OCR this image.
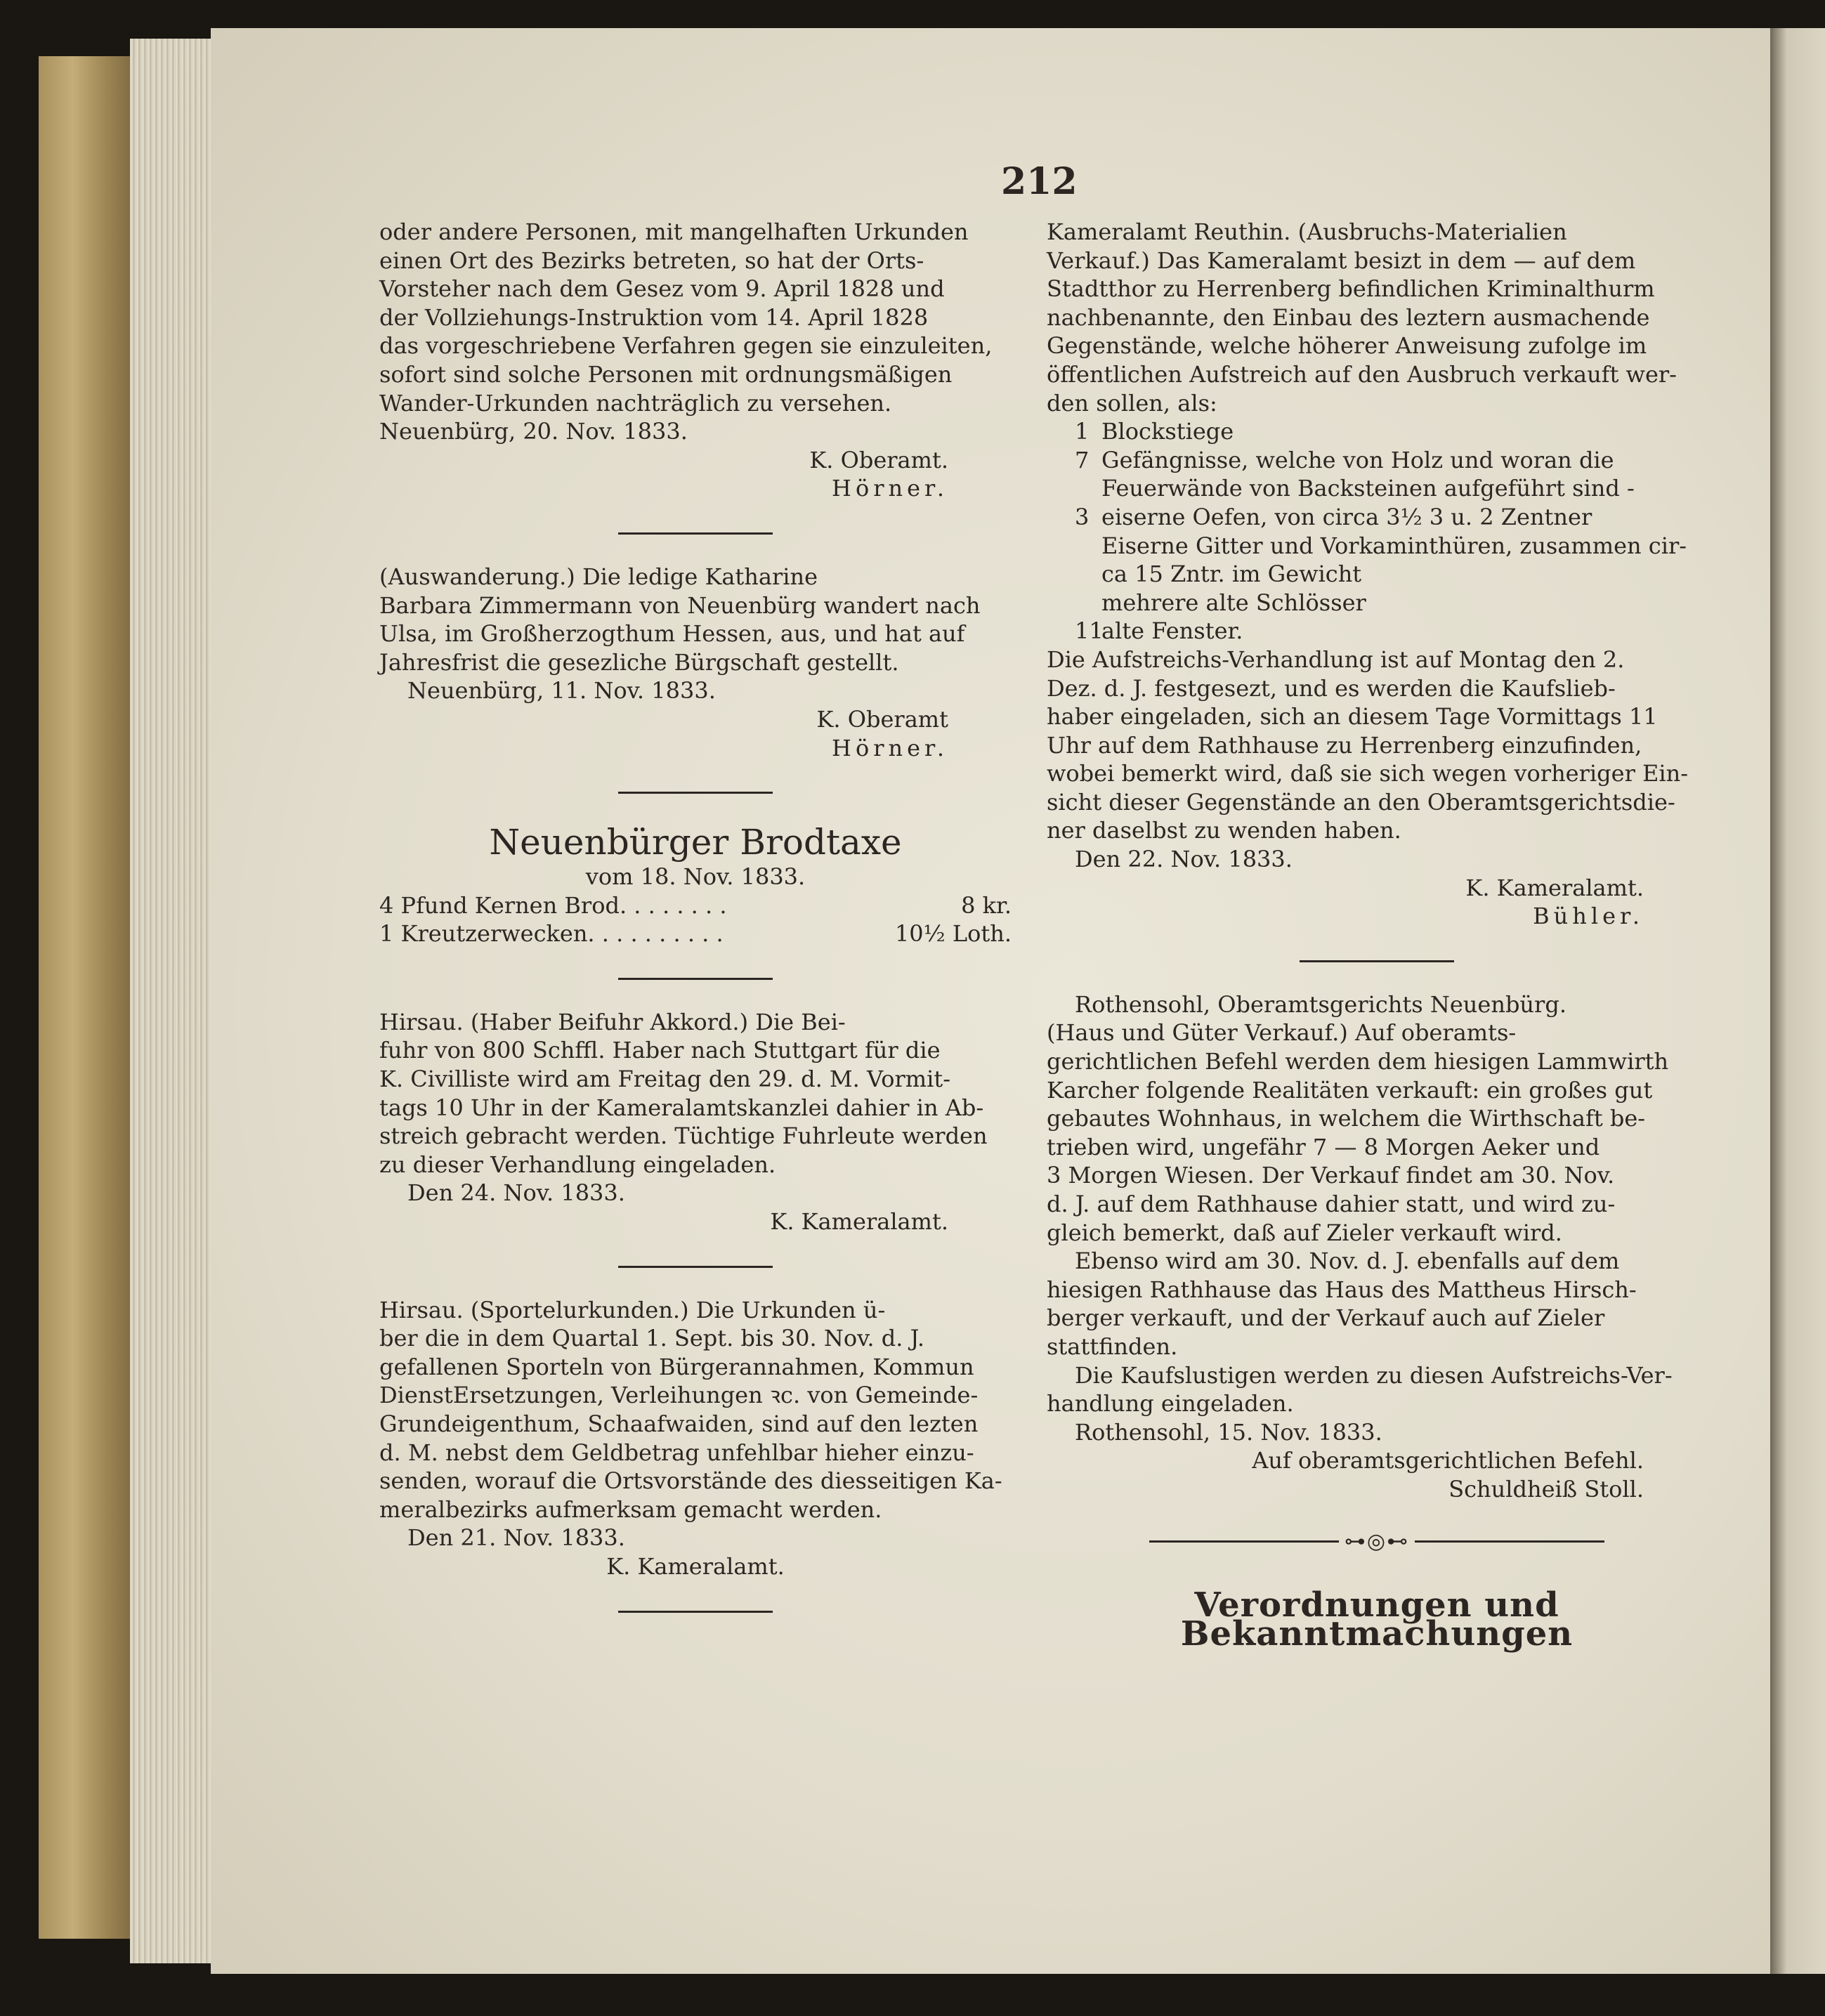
212

oder andere Personen, mit mangelhaften Urkunden
einen Ort des Bezirks betreten, so hat der Orts-
Vorsteher nach dem Gesez vom 9. April 1828 und
der Vollziehungs-Instruktion vom 14. April 1828
das vorgeschriebene Verfahren gegen sie einzuleiten,
sofort sind solche Personen mit ordnungsmäßigen
Wander-Urkunden nachträglich zu versehen.
Neuenbürg, 20. Nov. 1833.
K. Oberamt.
Hörner.

(Auswanderung.) Die ledige Katharine
Barbara Zimmermann von Neuenbürg wandert nach
Ulsa, im Großherzogthum Hessen, aus, und hat auf
Jahresfrist die gesezliche Bürgschaft gestellt.
Neuenbürg, 11. Nov. 1833.
K. Oberamt
Hörner.

Neuenbürger Brodtaxe
vom 18. Nov. 1833.
4 Pfund Kernen Brod . . . . . . . .	8 kr.
1 Kreutzerwecken . . . . . . . . . .	10½ Loth.

Hirsau. (Haber Beifuhr Akkord.) Die Bei-
fuhr von 800 Schffl. Haber nach Stuttgart für die
K. Civilliste wird am Freitag den 29. d. M. Vormit-
tags 10 Uhr in der Kameralamtskanzlei dahier in Ab-
streich gebracht werden. Tüchtige Fuhrleute werden
zu dieser Verhandlung eingeladen.
Den 24. Nov. 1833.
K. Kameralamt.

Hirsau. (Sportelurkunden.) Die Urkunden ü-
ber die in dem Quartal 1. Sept. bis 30. Nov. d. J.
gefallenen Sporteln von Bürgerannahmen, Kommun
DienstErsetzungen, Verleihungen ꝛc. von Gemeinde-
Grundeigenthum, Schaafwaiden, sind auf den lezten
d. M. nebst dem Geldbetrag unfehlbar hieher einzu-
senden, worauf die Ortsvorstände des diesseitigen Ka-
meralbezirks aufmerksam gemacht werden.
Den 21. Nov. 1833.
K. Kameralamt.

Kameralamt Reuthin. (Ausbruchs-Materialien
Verkauf.) Das Kameralamt besizt in dem — auf dem
Stadtthor zu Herrenberg befindlichen Kriminalthurm
nachbenannte, den Einbau des leztern ausmachende
Gegenstände, welche höherer Anweisung zufolge im
öffentlichen Aufstreich auf den Ausbruch verkauft wer-
den sollen, als:

1 Blockstiege
7 Gefängnisse, welche von Holz und woran die
Feuerwände von Backsteinen aufgeführt sind -
3 eiserne Oefen, von circa 3½ 3 u. 2 Zentner
Eiserne Gitter und Vorkaminthüren, zusammen cir-
ca 15 Zntr. im Gewicht
mehrere alte Schlösser
11
alte Fenster.

Die Aufstreichs-Verhandlung ist auf Montag den 2.
Dez. d. J. festgesezt, und es werden die Kaufslieb-
haber eingeladen, sich an diesem Tage Vormittags 11
Uhr auf dem Rathhause zu Herrenberg einzufinden,
wobei bemerkt wird, daß sie sich wegen vorheriger Ein-
sicht dieser Gegenstände an den Oberamtsgerichtsdie-
ner daselbst zu wenden haben.
Den 22. Nov. 1833.
K. Kameralamt.
Bühler.

Rothensohl, Oberamtsgerichts Neuenbürg.
(Haus und Güter Verkauf.) Auf oberamts-
gerichtlichen Befehl werden dem hiesigen Lammwirth
Karcher folgende Realitäten verkauft: ein großes gut
gebautes Wohnhaus, in welchem die Wirthschaft be-
trieben wird, ungefähr 7 — 8 Morgen Aeker und
3 Morgen Wiesen. Der Verkauf findet am 30. Nov.
d. J. auf dem Rathhause dahier statt, und wird zu-
gleich bemerkt, daß auf Zieler verkauft wird.
Ebenso wird am 30. Nov. d. J. ebenfalls auf dem
hiesigen Rathhause das Haus des Mattheus Hirsch-
berger verkauft, und der Verkauf auch auf Zieler
stattfinden.
Die Kaufslustigen werden zu diesen Aufstreichs-Ver-
handlung eingeladen.
Rothensohl, 15. Nov. 1833.
Auf oberamtsgerichtlichen Befehl.
Schuldheiß Stoll.

⊶◎⊷
Verordnungen und Bekanntmachungen
